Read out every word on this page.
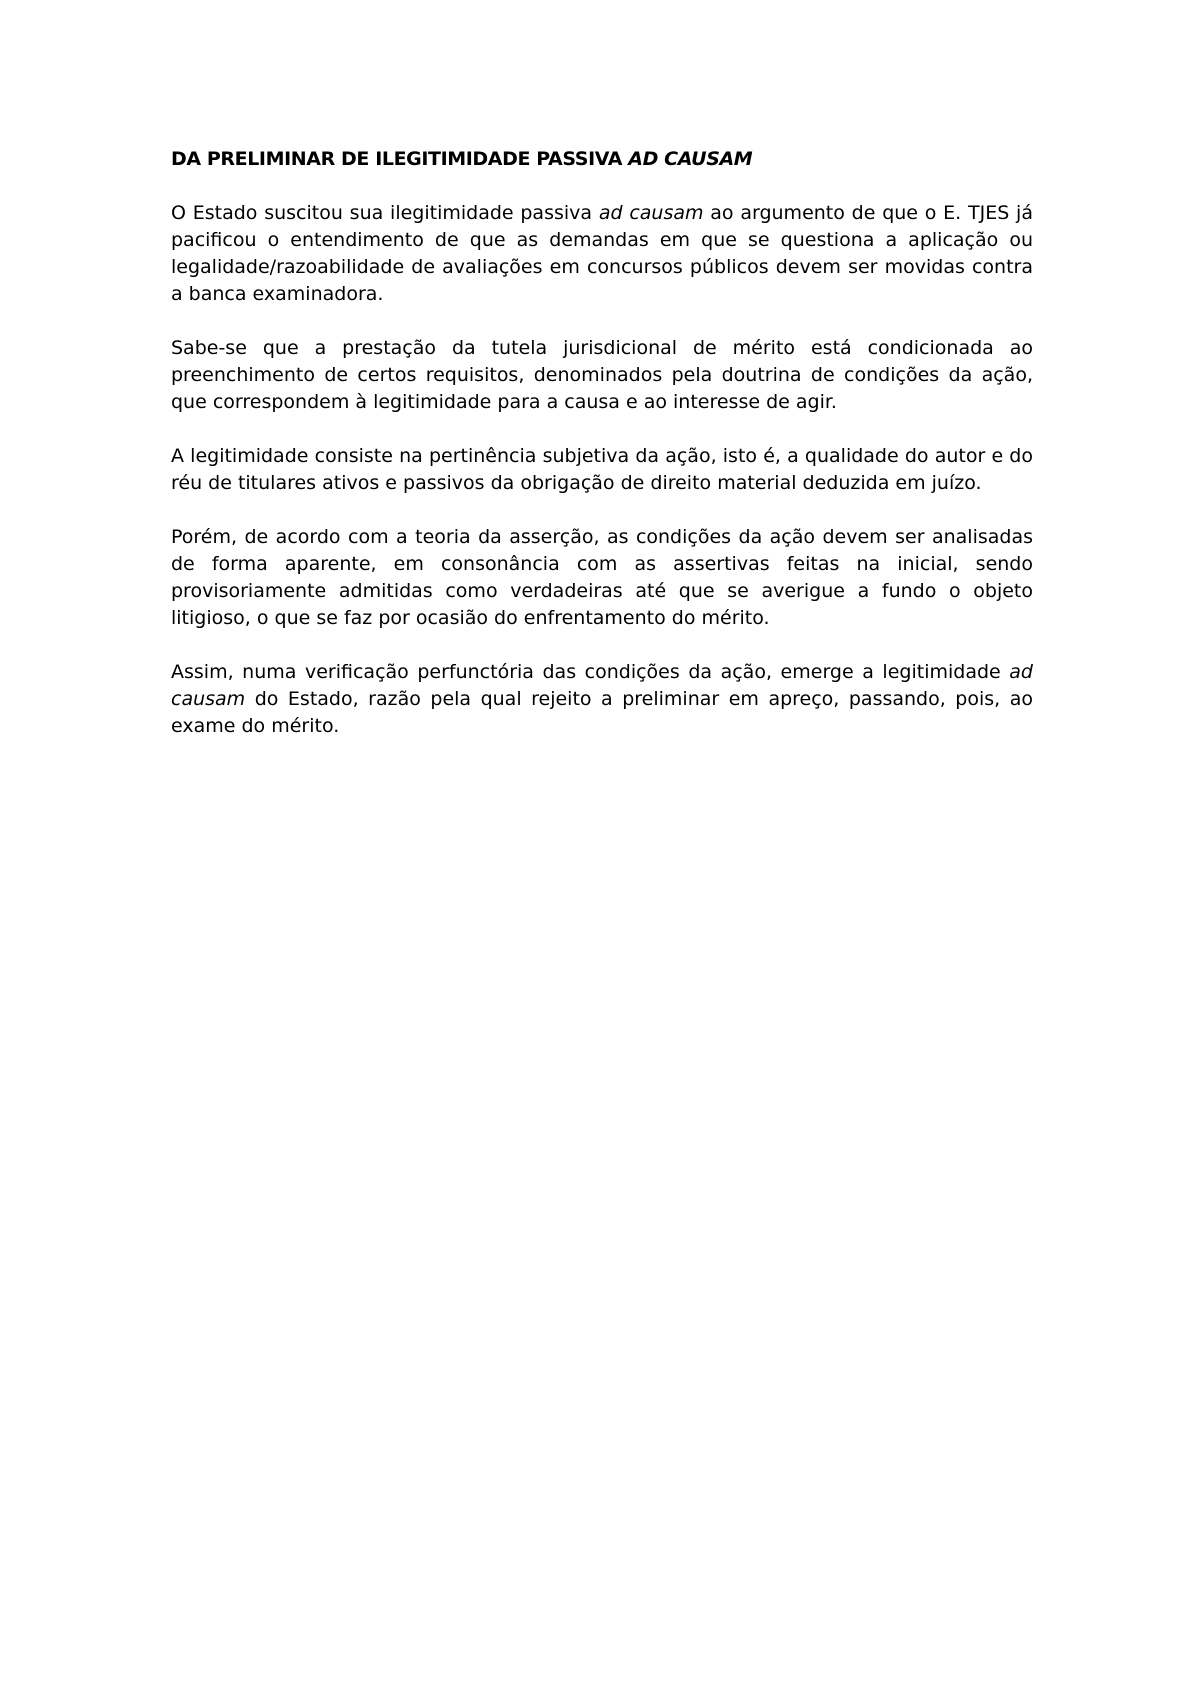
DA PRELIMINAR DE ILEGITIMIDADE PASSIVA AD CAUSAM

O Estado suscitou sua ilegitimidade passiva ad causam ao argumento de que o E. TJES já pacificou o entendimento de que as demandas em que se questiona a aplicação ou legalidade/razoabilidade de avaliações em concursos públicos devem ser movidas contra a banca examinadora.

Sabe-se que a prestação da tutela jurisdicional de mérito está condicionada ao preenchimento de certos requisitos, denominados pela doutrina de condições da ação, que correspondem à legitimidade para a causa e ao interesse de agir.

A legitimidade consiste na pertinência subjetiva da ação, isto é, a qualidade do autor e do réu de titulares ativos e passivos da obrigação de direito material deduzida em juízo.

Porém, de acordo com a teoria da asserção, as condições da ação devem ser analisadas de forma aparente, em consonância com as assertivas feitas na inicial, sendo provisoriamente admitidas como verdadeiras até que se averigue a fundo o objeto litigioso, o que se faz por ocasião do enfrentamento do mérito.

Assim, numa verificação perfunctória das condições da ação, emerge a legitimidade ad causam do Estado, razão pela qual rejeito a preliminar em apreço, passando, pois, ao exame do mérito.
